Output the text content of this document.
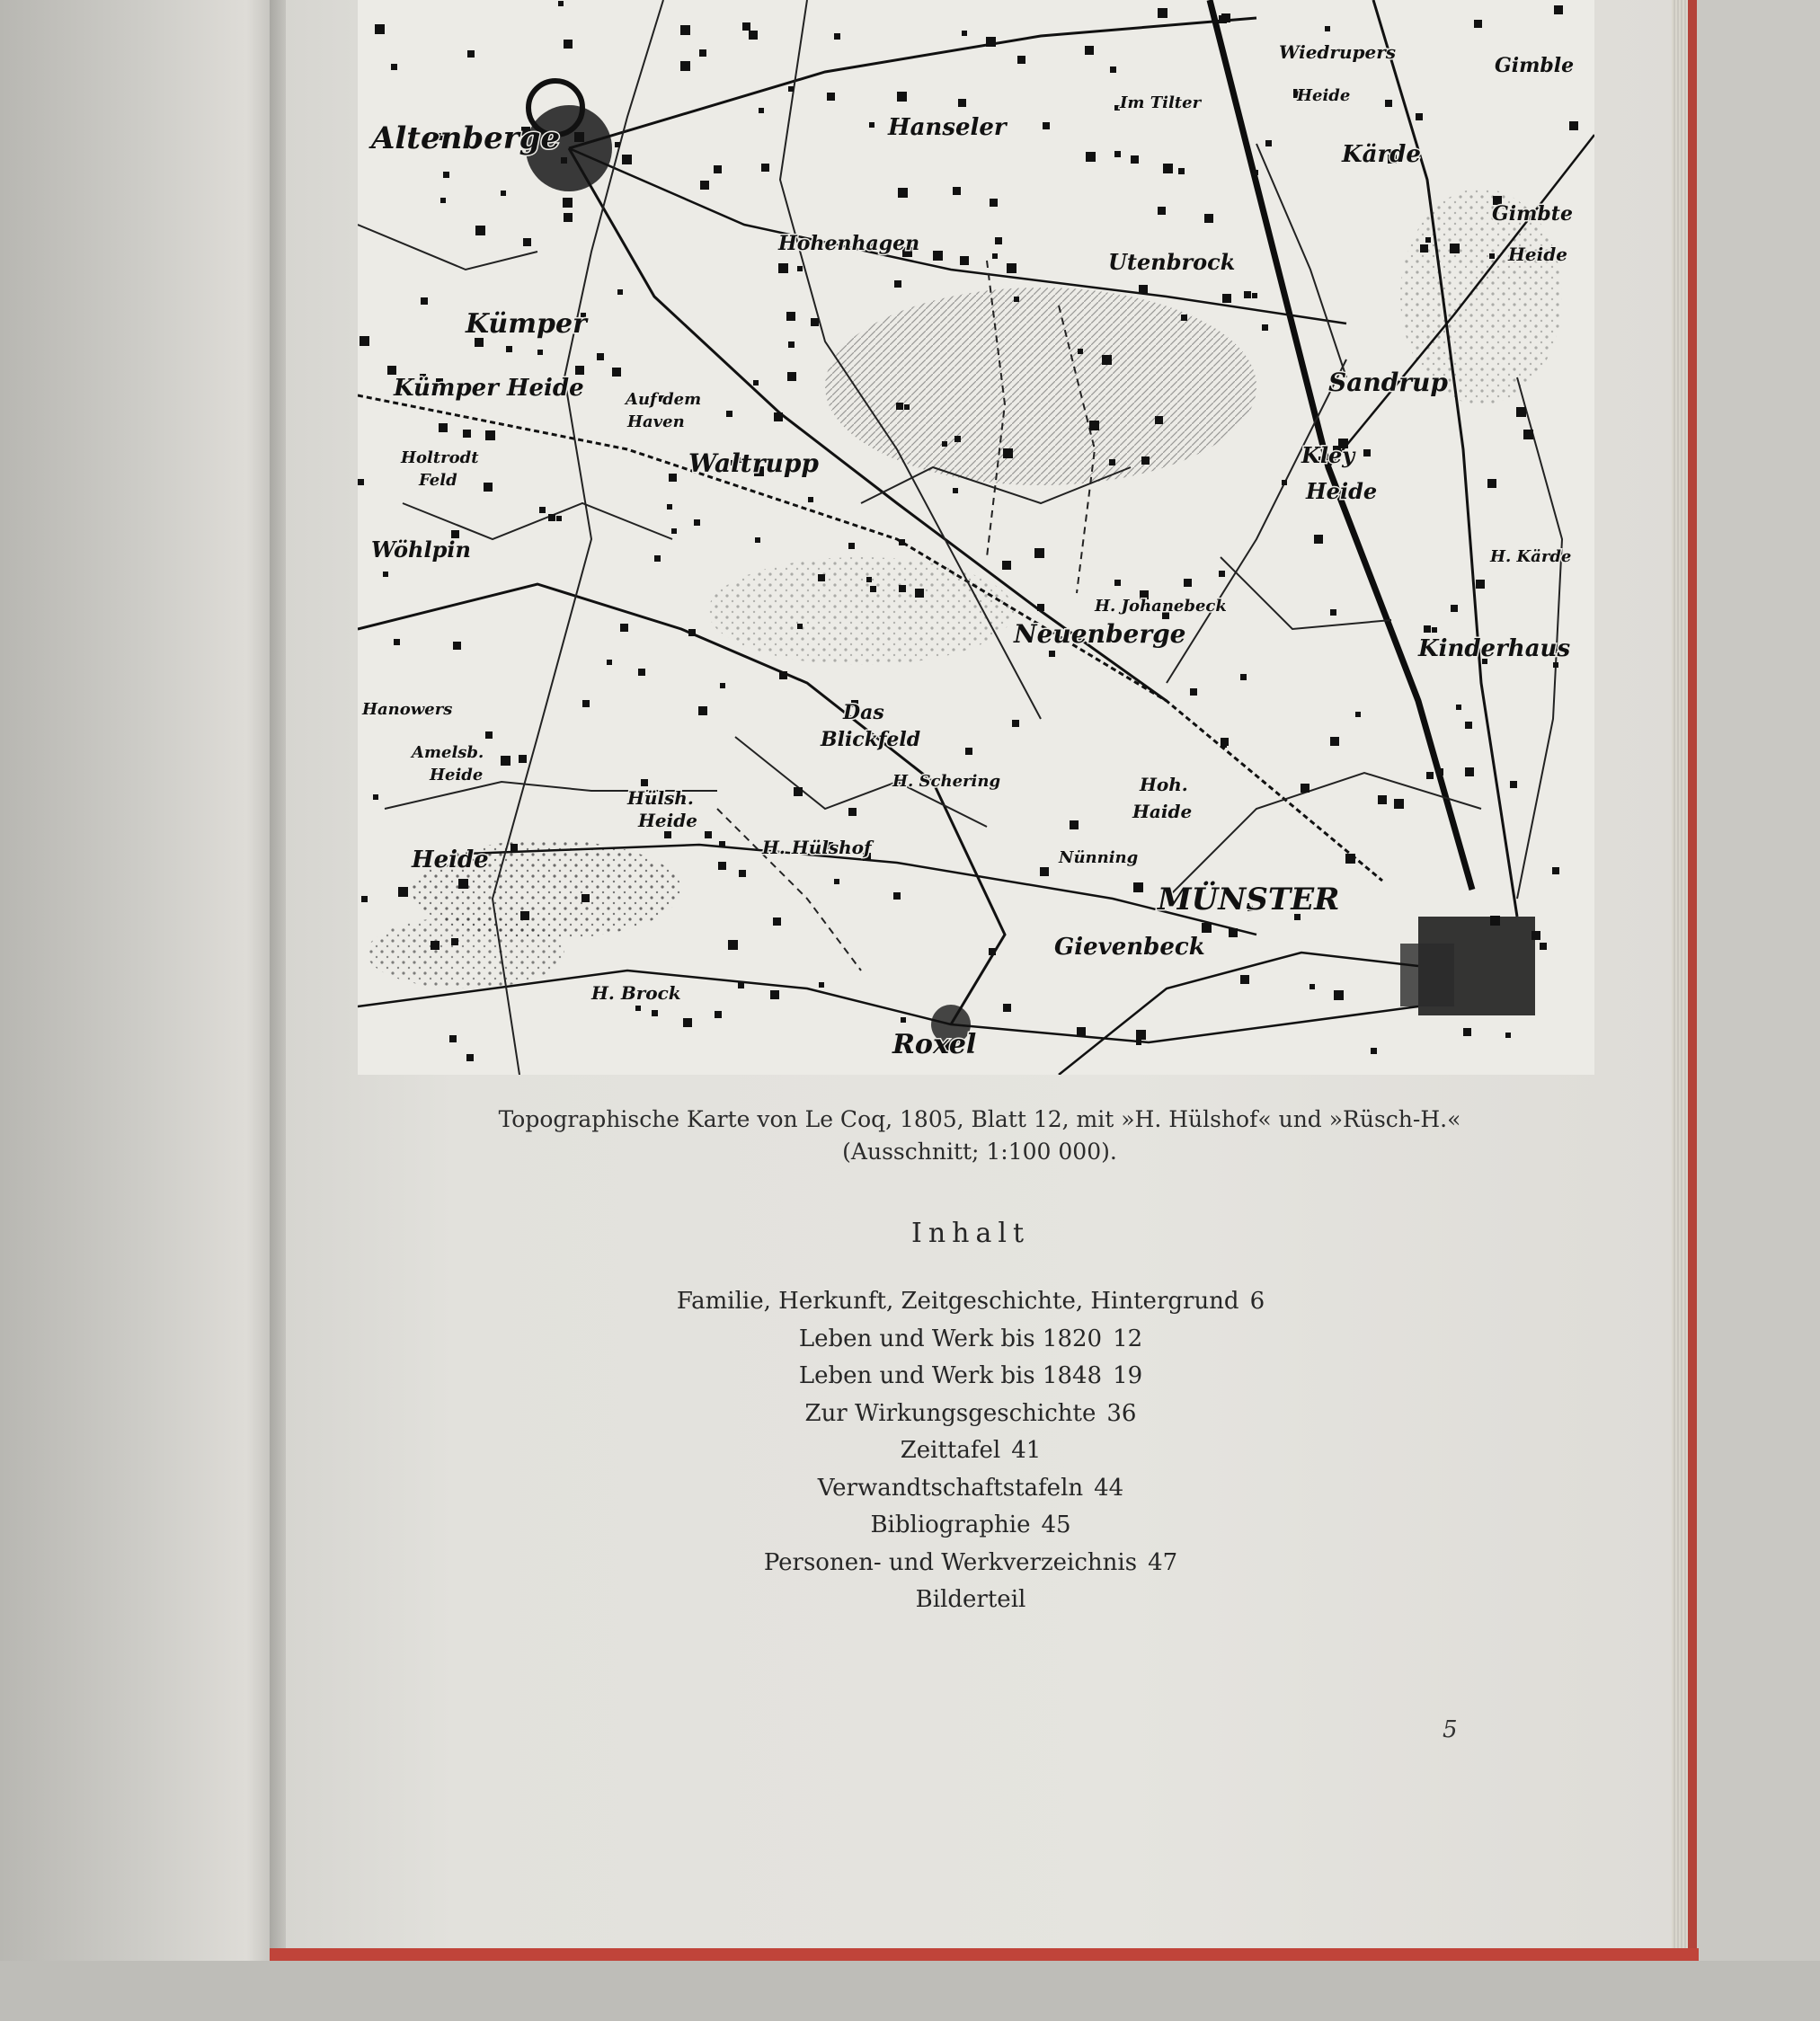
Altenberge	Hanseler
Im Tilter
Wiedrupers
Gimble
Heide
Kärde
Gimbte
Heide
Hohenhagen
Utenbrock
Kümper
Kümper Heide	Auf dem
Haven
Waltrupp
Holtrodt
Feld
Sandrup
Kley
Heide
Wöhlpin	H. Kärde
H. Johanebeck
Neuenberge	Kinderhaus
Das
Blickfeld
Hanowers
Amelsb.
Heide	H. Schering	Hoh.
Haide
Hülsh.
Heide
Heide	H. Hülshof	Nünning
MÜNSTER
Gievenbeck
H. Brock
Roxel
Topographische Karte von Le Coq, 1805, Blatt 12, mit »H. Hülshof« und »Rüsch-H.«
(Ausschnitt; 1:100 000).
Inhalt
Familie, Herkunft, Zeitgeschichte, Hintergrund 6
Leben und Werk bis 1820 12
Leben und Werk bis 1848 19
Zur Wirkungsgeschichte 36
Zeittafel 41
Verwandtschaftstafeln 44
Bibliographie 45
Personen- und Werkverzeichnis 47
Bilderteil
5
